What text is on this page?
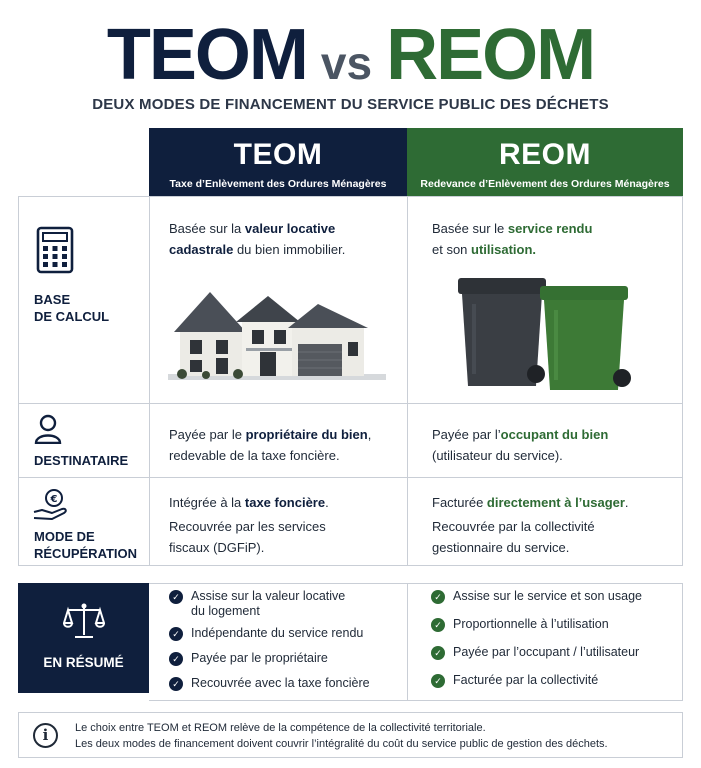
TEOM vs REOM
DEUX MODES DE FINANCEMENT DU SERVICE PUBLIC DES DÉCHETS
TEOM
Taxe d’Enlèvement des Ordures Ménagères
REOM
Redevance d’Enlèvement des Ordures Ménagères
BASE
DE CALCUL
Basée sur la valeur locative
cadastrale du bien immobilier.
Basée sur le service rendu
et son utilisation.
DESTINATAIRE
Payée par le propriétaire du bien,
redevable de la taxe foncière.
Payée par l’occupant du bien
(utilisateur du service).
€
MODE DE
RÉCUPÉRATION
Intégrée à la taxe foncière.
Recouvrée par les services
fiscaux (DGFiP).
Facturée directement à l’usager.
Recouvrée par la collectivité
gestionnaire du service.
EN RÉSUMÉ
✓ Assise sur la valeur locative
du logement
✓ Indépendante du service rendu
✓ Payée par le propriétaire
✓ Recouvrée avec la taxe foncière
✓ Assise sur le service et son usage
✓ Proportionnelle à l’utilisation
✓ Payée par l’occupant / l’utilisateur
✓ Facturée par la collectivité
i	Le choix entre TEOM et REOM relève de la compétence de la collectivité territoriale.
Les deux modes de financement doivent couvrir l’intégralité du coût du service public de gestion des déchets.
